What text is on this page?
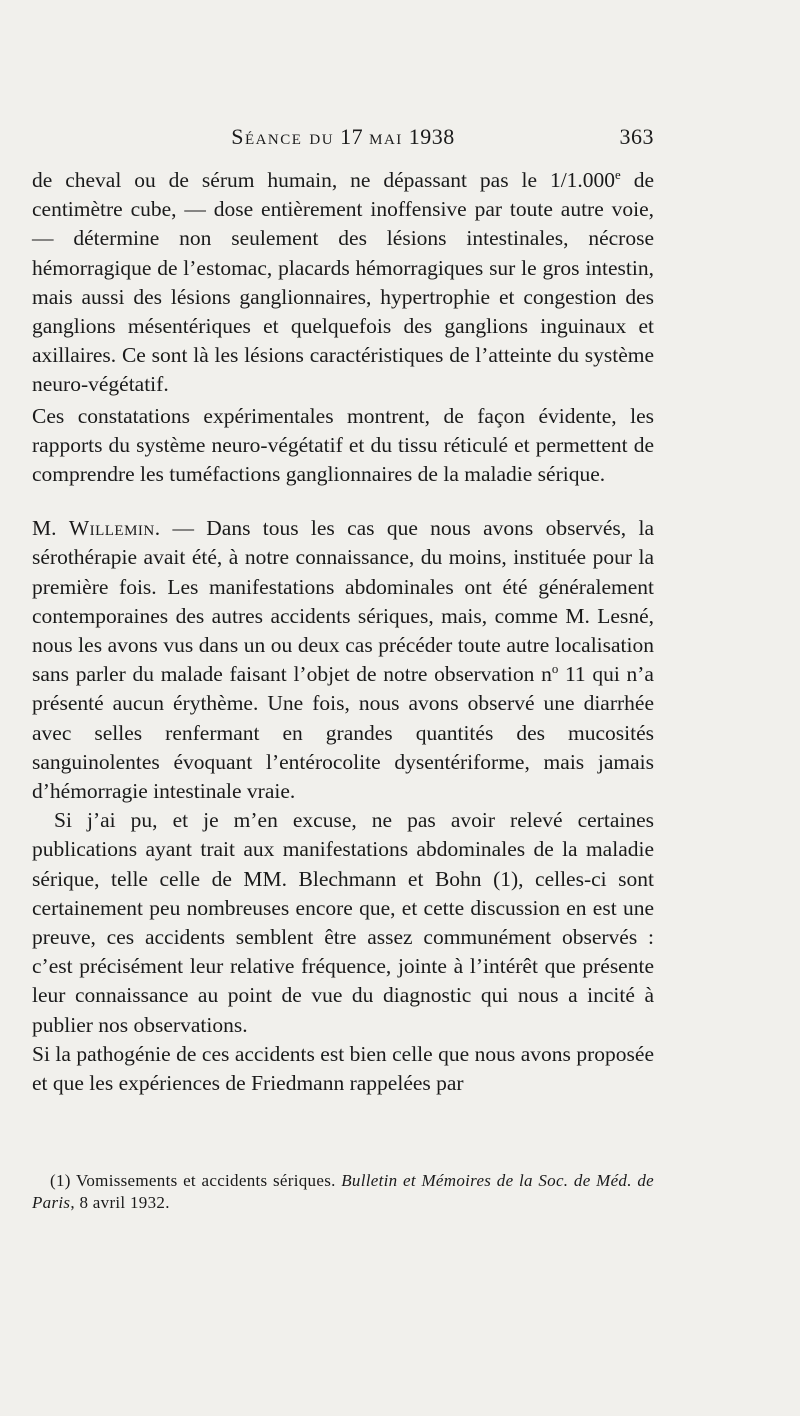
Séance du 17 mai 1938	363

de cheval ou de sérum humain, ne dépassant pas le 1/1.000e de centimètre cube, — dose entièrement inoffensive par toute autre voie, — détermine non seulement des lésions intestinales, nécrose hémorragique de l’estomac, placards hémorragiques sur le gros intestin, mais aussi des lésions ganglionnaires, hypertrophie et congestion des ganglions mésentériques et quelquefois des ganglions inguinaux et axillaires. Ce sont là les lésions caractéristiques de l’atteinte du système neuro-végétatif.

Ces constatations expérimentales montrent, de façon évidente, les rapports du système neuro-végétatif et du tissu réticulé et permettent de comprendre les tuméfactions ganglionnaires de la maladie sérique.

M. Willemin. — Dans tous les cas que nous avons observés, la sérothérapie avait été, à notre connaissance, du moins, instituée pour la première fois. Les manifestations abdominales ont été généralement contemporaines des autres accidents sériques, mais, comme M. Lesné, nous les avons vus dans un ou deux cas précéder toute autre localisation sans parler du malade faisant l’objet de notre observation $n^o$ 11 qui n’a présenté aucun érythème. Une fois, nous avons observé une diarrhée avec selles renfermant en grandes quantités des mucosités sanguinolentes évoquant l’entérocolite dysentériforme, mais jamais d’hémorragie intestinale vraie.

Si j’ai pu, et je m’en excuse, ne pas avoir relevé certaines publications ayant trait aux manifestations abdominales de la maladie sérique, telle celle de MM. Blechmann et Bohn (1), celles-ci sont certainement peu nombreuses encore que, et cette discussion en est une preuve, ces accidents semblent être assez communément observés : c’est précisément leur relative fréquence, jointe à l’intérêt que présente leur connaissance au point de vue du diagnostic qui nous a incité à publier nos observations.

Si la pathogénie de ces accidents est bien celle que nous avons proposée et que les expériences de Friedmann rappelées par

(1) Vomissements et accidents sériques. Bulletin et Mémoires de la Soc. de Méd. de Paris, 8 avril 1932.
